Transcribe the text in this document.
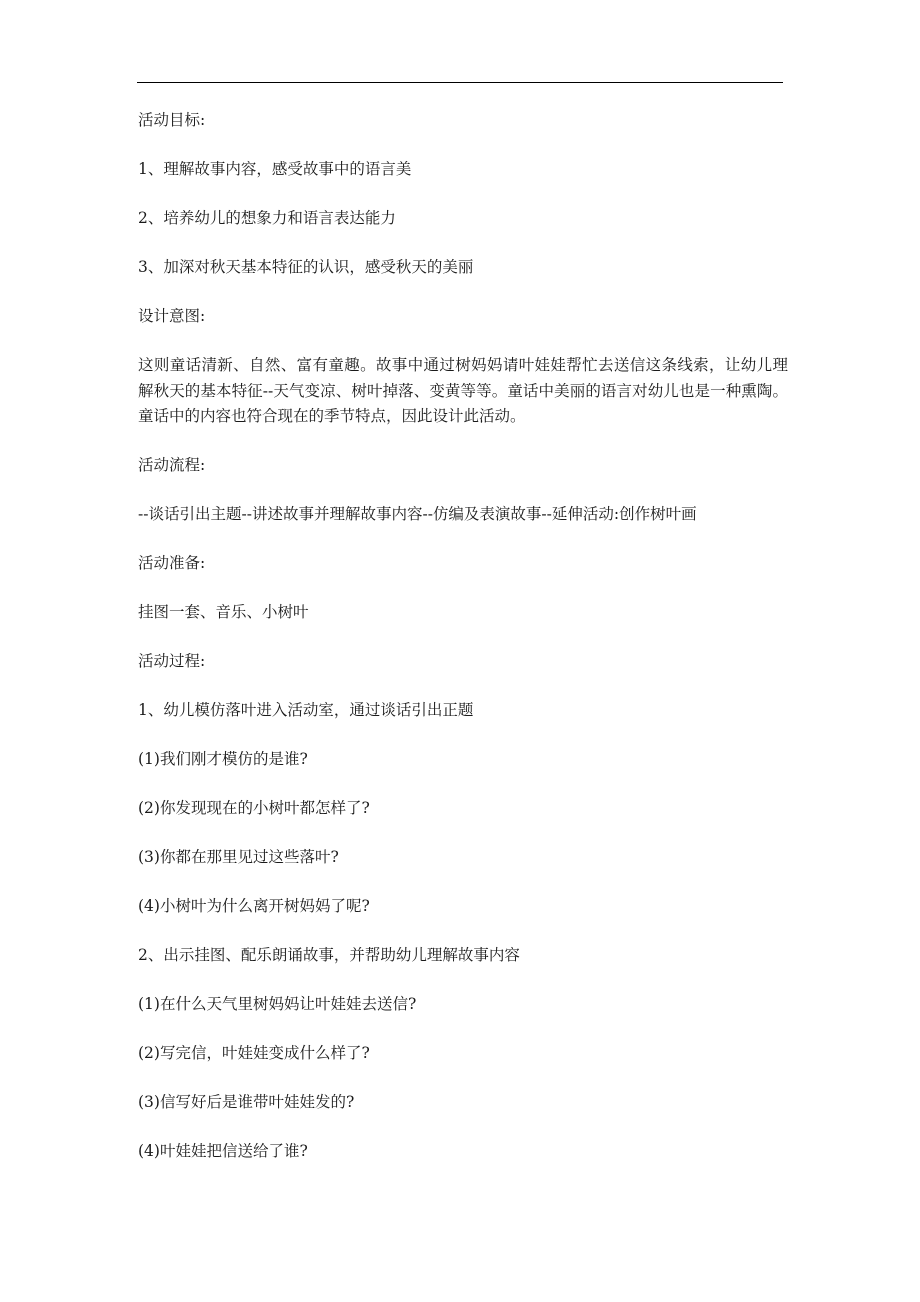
活动目标:

1、理解故事内容，感受故事中的语言美

2、培养幼儿的想象力和语言表达能力

3、加深对秋天基本特征的认识，感受秋天的美丽

设计意图:

这则童话清新、自然、富有童趣。故事中通过树妈妈请叶娃娃帮忙去送信这条线索，让幼儿理解秋天的基本特征--天气变凉、树叶掉落、变黄等等。童话中美丽的语言对幼儿也是一种熏陶。童话中的内容也符合现在的季节特点，因此设计此活动。

活动流程:

--谈话引出主题--讲述故事并理解故事内容--仿编及表演故事--延伸活动:创作树叶画

活动准备:

挂图一套、音乐、小树叶

活动过程:

1、幼儿模仿落叶进入活动室，通过谈话引出正题

(1)我们刚才模仿的是谁?

(2)你发现现在的小树叶都怎样了?

(3)你都在那里见过这些落叶?

(4)小树叶为什么离开树妈妈了呢?

2、出示挂图、配乐朗诵故事，并帮助幼儿理解故事内容

(1)在什么天气里树妈妈让叶娃娃去送信?

(2)写完信，叶娃娃变成什么样了?

(3)信写好后是谁带叶娃娃发的?

(4)叶娃娃把信送给了谁?
